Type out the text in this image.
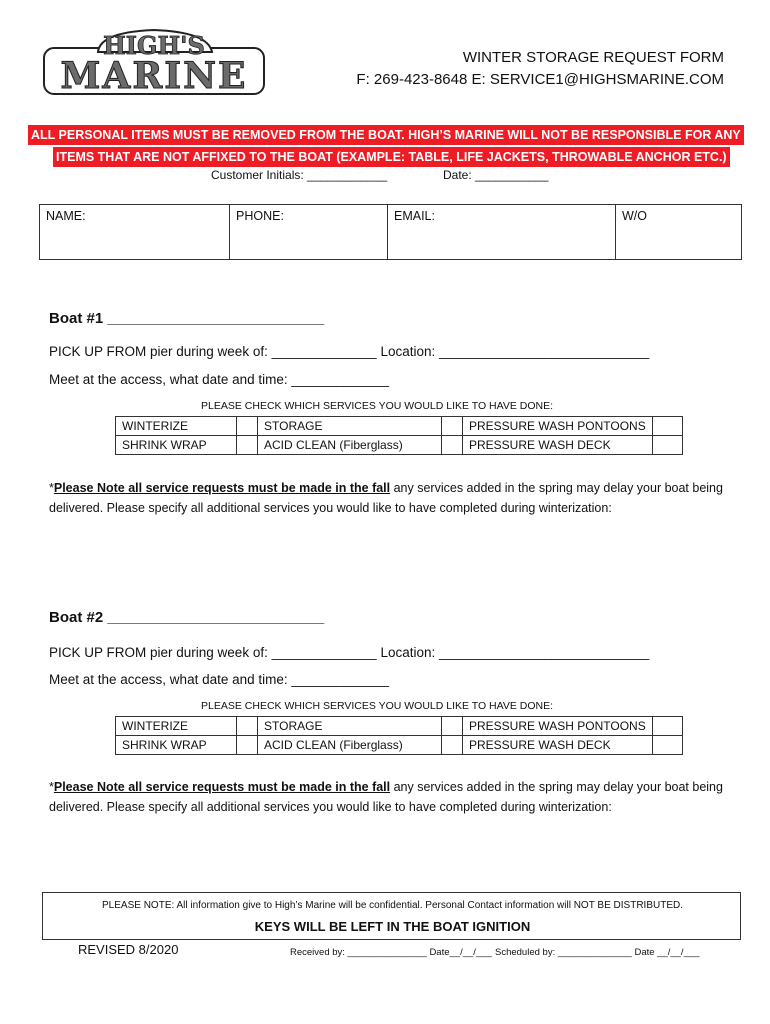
HIGH'S
MARINE	WINTER STORAGE REQUEST FORM
F: 269-423-8648 E: SERVICE1@HIGHSMARINE.COM
ALL PERSONAL ITEMS MUST BE REMOVED FROM THE BOAT. HIGH’S MARINE WILL NOT BE RESPONSIBLE FOR ANY
ITEMS THAT ARE NOT AFFIXED TO THE BOAT (EXAMPLE: TABLE, LIFE JACKETS, THROWABLE ANCHOR ETC.)
Customer Initials: ____________	Date: ___________
NAME:	PHONE:	EMAIL:	W/O
Boat #1 __________________________
PICK UP FROM pier during week of: ______________ Location: ____________________________
Meet at the access, what date and time: _____________
PLEASE CHECK WHICH SERVICES YOU WOULD LIKE TO HAVE DONE:
WINTERIZE		STORAGE		PRESSURE WASH PONTOONS	
SHRINK WRAP		ACID CLEAN (Fiberglass)		PRESSURE WASH DECK	
*Please Note all service requests must be made in the fall any services added in the spring may delay your boat being
delivered. Please specify all additional services you would like to have completed during winterization:
Boat #2 __________________________
PICK UP FROM pier during week of: ______________ Location: ____________________________
Meet at the access, what date and time: _____________
PLEASE CHECK WHICH SERVICES YOU WOULD LIKE TO HAVE DONE:
WINTERIZE		STORAGE		PRESSURE WASH PONTOONS	
SHRINK WRAP		ACID CLEAN (Fiberglass)		PRESSURE WASH DECK	
*Please Note all service requests must be made in the fall any services added in the spring may delay your boat being
delivered. Please specify all additional services you would like to have completed during winterization:
PLEASE NOTE: All information give to High’s Marine will be confidential. Personal Contact information will NOT BE DISTRIBUTED.
KEYS WILL BE LEFT IN THE BOAT IGNITION
REVISED 8/2020	Received by: _______________ Date__/__/___ Scheduled by: ______________ Date __/__/___
